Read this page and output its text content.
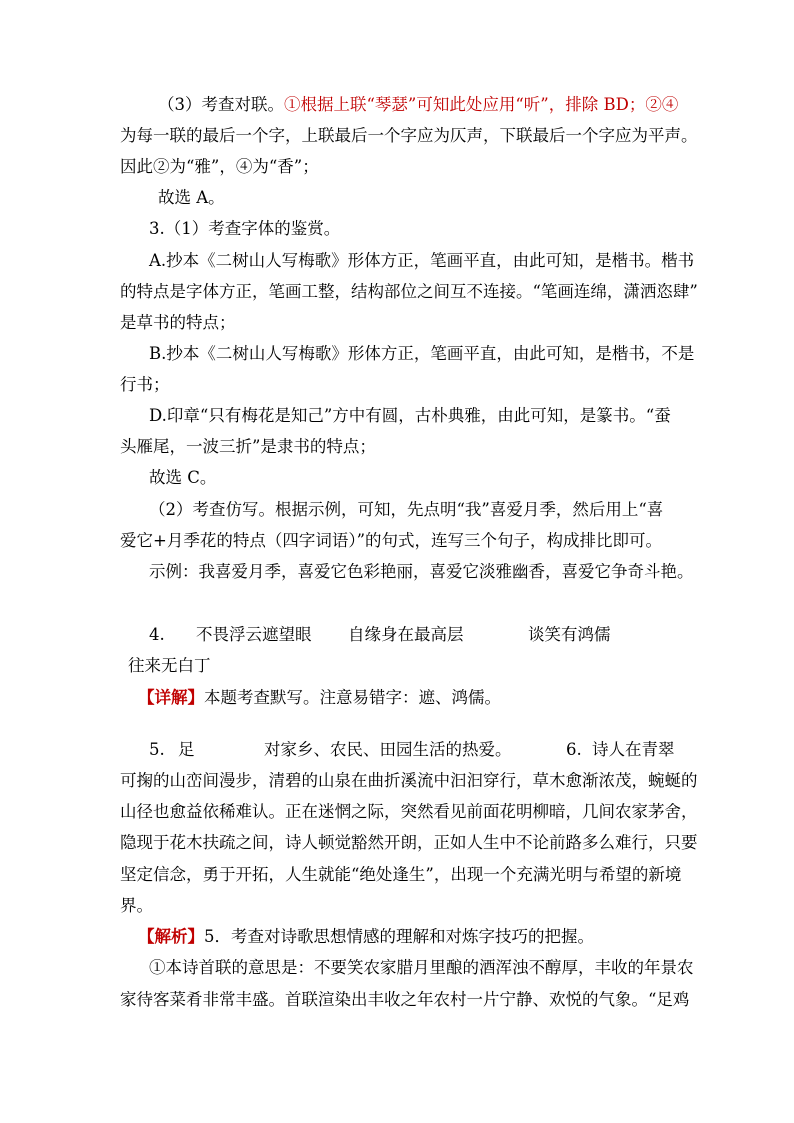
（3）考查对联。①根据上联“琴瑟”可知此处应用“听”，排除 BD；②④
为每一联的最后一个字，上联最后一个字应为仄声，下联最后一个字应为平声。
因此②为“雅”，④为“香”；
故选 A。
3.（1）考查字体的鉴赏。
A.抄本《二树山人写梅歌》形体方正，笔画平直，由此可知，是楷书。楷书
的特点是字体方正，笔画工整，结构部位之间互不连接。“笔画连绵，潇洒恣肆”
是草书的特点；
B.抄本《二树山人写梅歌》形体方正，笔画平直，由此可知，是楷书，不是
行书；
D.印章“只有梅花是知己”方中有圆，古朴典雅，由此可知，是篆书。“蚕
头雁尾，一波三折”是隶书的特点；
故选 C。
（2）考查仿写。根据示例，可知，先点明“我”喜爱月季，然后用上“喜
爱它+月季花的特点（四字词语）”的句式，连写三个句子，构成排比即可。
示例：我喜爱月季，喜爱它色彩艳丽，喜爱它淡雅幽香，喜爱它争奇斗艳。
4. 不畏浮云遮望眼 自缘身在最高层	谈笑有鸿儒
往来无白丁
【详解】本题考查默写。注意易错字：遮、鸿儒。
5. 足	对家乡、农民、田园生活的热爱。	6. 诗人在青翠
可掬的山峦间漫步，清碧的山泉在曲折溪流中汩汩穿行，草木愈渐浓茂，蜿蜒的
山径也愈益依稀难认。正在迷惘之际，突然看见前面花明柳暗，几间农家茅舍，
隐现于花木扶疏之间，诗人顿觉豁然开朗，正如人生中不论前路多么难行，只要
坚定信念，勇于开拓，人生就能“绝处逢生”，出现一个充满光明与希望的新境
界。
【解析】5．考查对诗歌思想情感的理解和对炼字技巧的把握。
①本诗首联的意思是：不要笑农家腊月里酿的酒浑浊不醇厚，丰收的年景农
家待客菜肴非常丰盛。首联渲染出丰收之年农村一片宁静、欢悦的气象。“足鸡
